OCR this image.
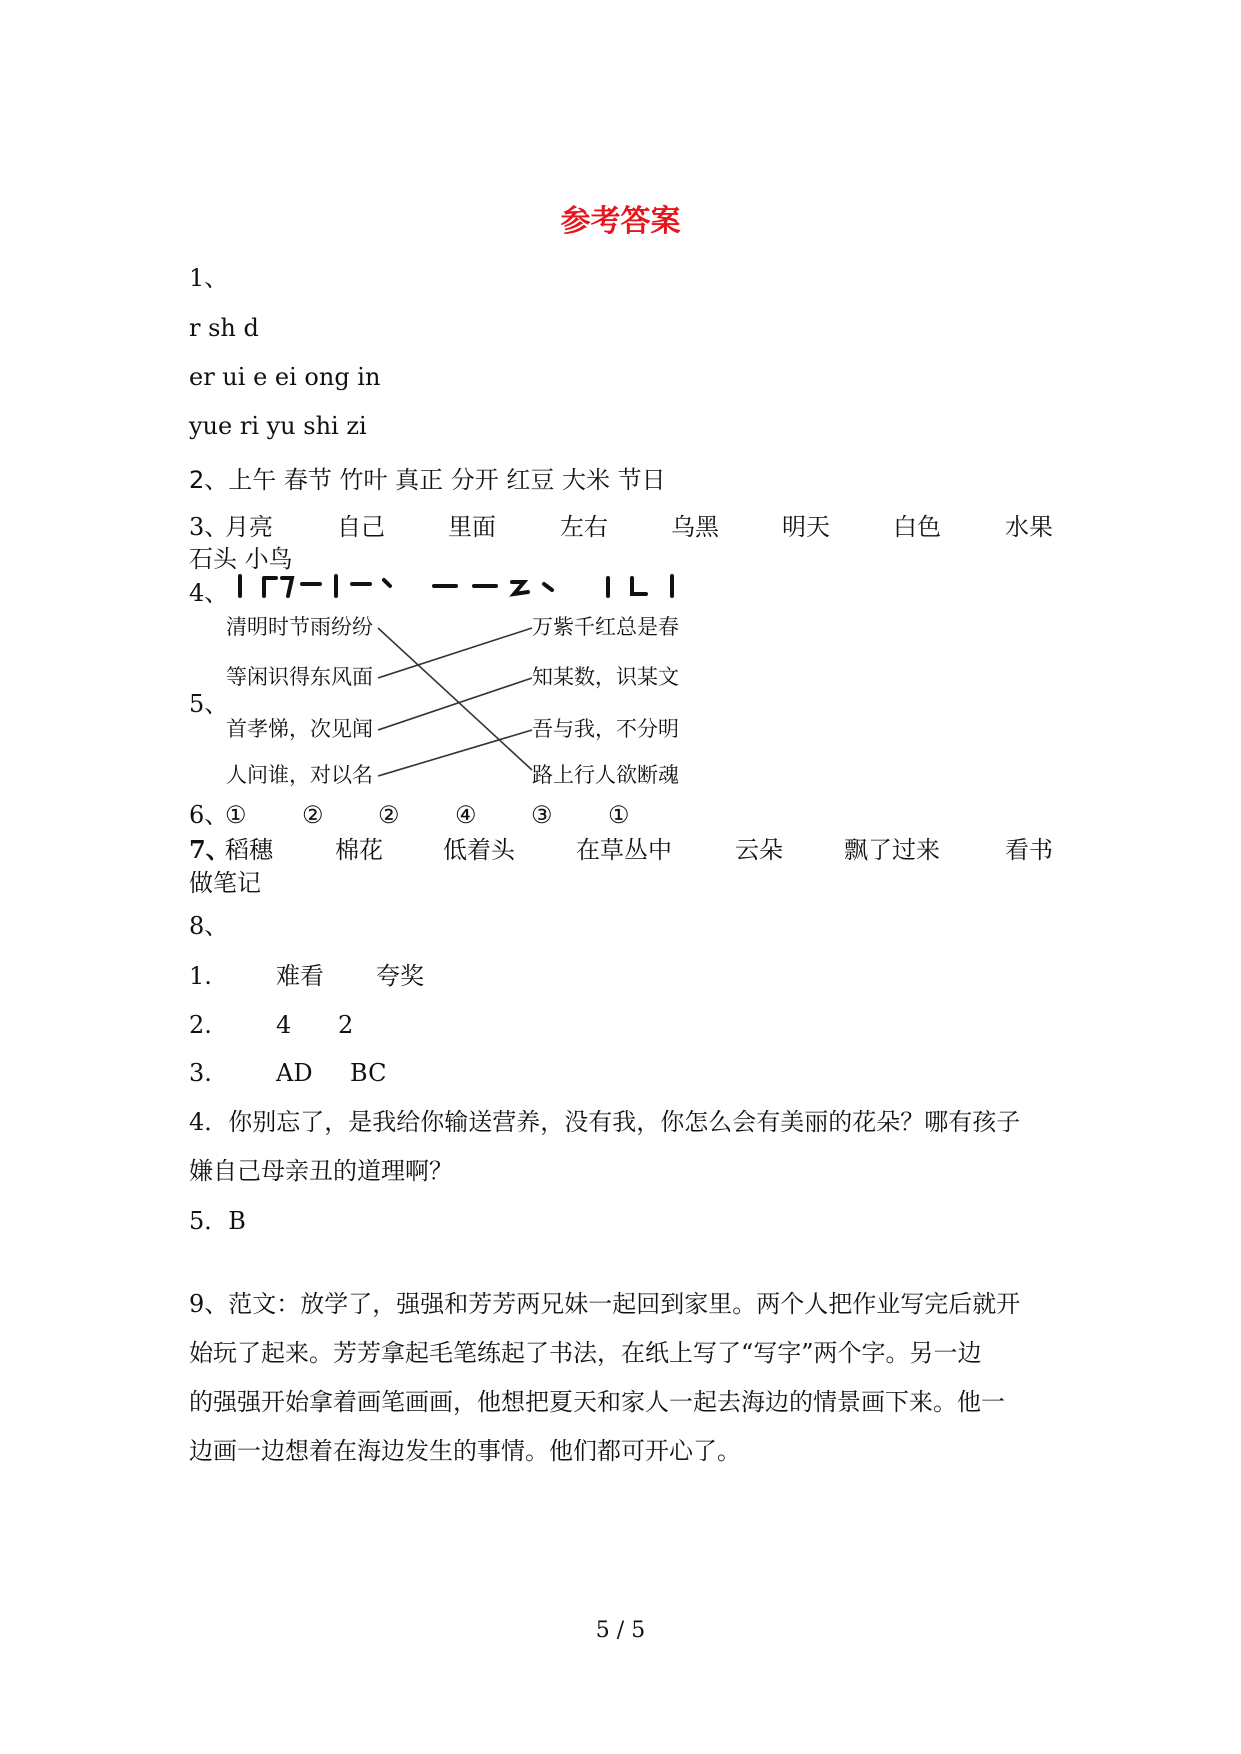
参考答案
1、
r sh d
er ui e ei ong in
yue ri yu shi zi
2、上午 春节 竹叶 真正 分开 红豆 大米 节日
3、
月亮	自己	里面	左右	乌黑	明天	白色	水果
石头 小鸟
4、
5、
清明时节雨纷纷
等闲识得东风面
首孝悌，次见闻
人问谁，对以名
万紫千红总是春
知某数，识某文
吾与我，不分明
路上行人欲断魂
6、
① ② ② ④ ③ ①
7、
稻穗	棉花	低着头	在草丛中	云朵	飘了过来	看书
做笔记
8、
1.	难看 夸奖
2.	4 2
3.	AD BC
4．你别忘了，是我给你输送营养，没有我，你怎么会有美丽的花朵？哪有孩子
嫌自己母亲丑的道理啊？
5．B
9、范文：放学了，强强和芳芳两兄妹一起回到家里。两个人把作业写完后就开
始玩了起来。芳芳拿起毛笔练起了书法，在纸上写了“写字”两个字。另一边
的强强开始拿着画笔画画，他想把夏天和家人一起去海边的情景画下来。他一
边画一边想着在海边发生的事情。他们都可开心了。
5 / 5
